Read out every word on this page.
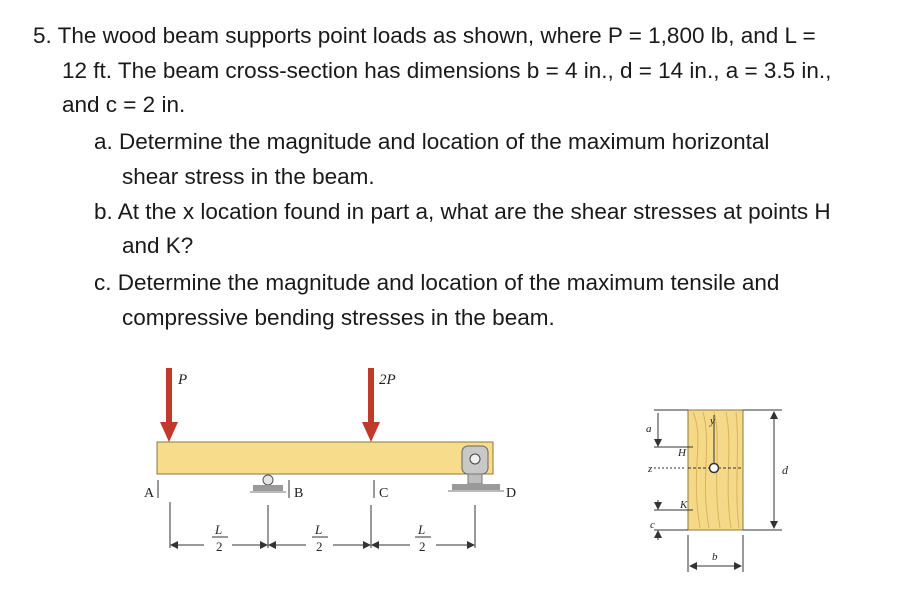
5. The wood beam supports point loads as shown, where P = 1,800 lb, and L =
12 ft. The beam cross-section has dimensions b = 4 in., d = 14 in., a = 3.5 in.,
and c = 2 in.
a. Determine the magnitude and location of the maximum horizontal
shear stress in the beam.
b. At the x location found in part a, what are the shear stresses at points H
and K?
c. Determine the magnitude and location of the maximum tensile and
compressive bending stresses in the beam.
P	2P
A	B	C	D
L
2
L
2
L
2
a
z
c
H
K
y
b
d
